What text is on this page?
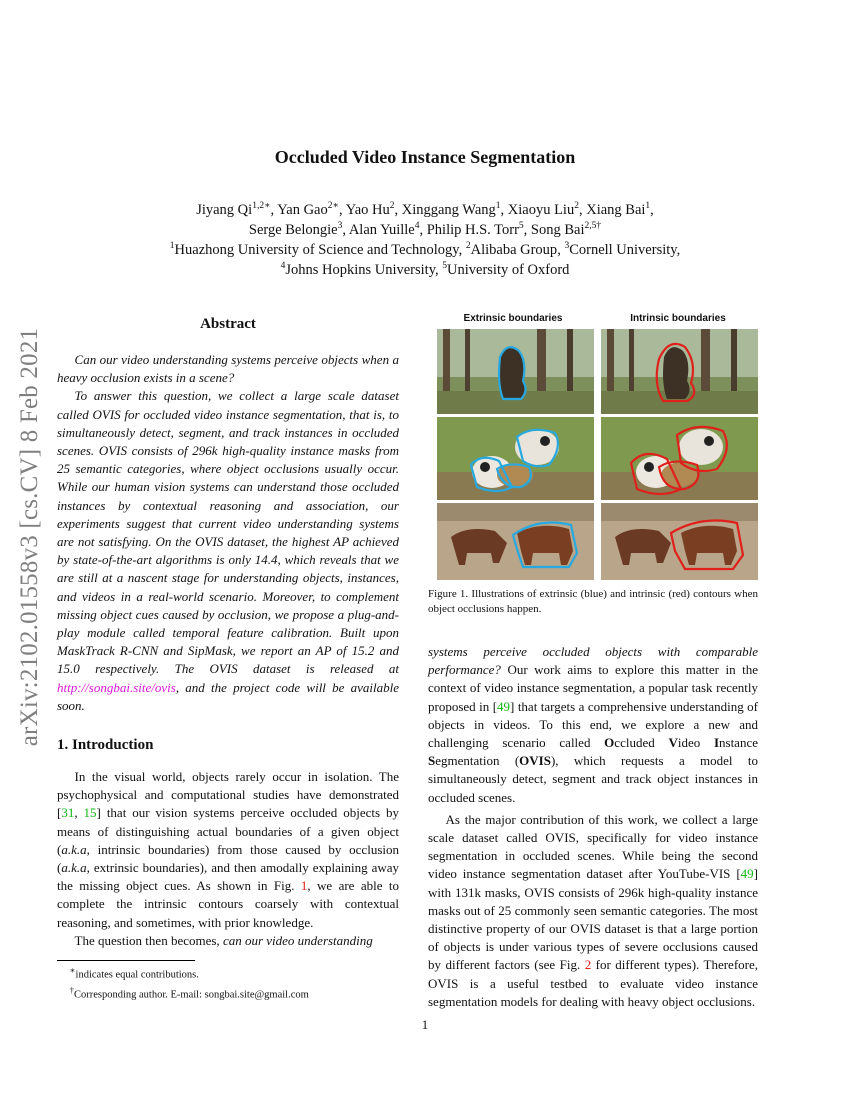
arXiv:2102.01558v3 [cs.CV] 8 Feb 2021
Occluded Video Instance Segmentation
Jiyang $Qi^{1,2∗}$, Yan Gao$^{2∗}$, Yao Hu$^2$, Xinggang Wang$^1$, Xiaoyu Liu$^2$, Xiang Bai$^1$,
Serge Belongie$^3$, Alan Yuille$^4$, Philip H.S. Torr$^5$, Song Bai$^{2,5\dagger}$
$^1$Huazhong University of Science and Technology, $^2$Alibaba Group, $^3$Cornell University,
$^4$Johns Hopkins University, $^5$University of Oxford
Abstract

Can our video understanding systems perceive objects when a heavy occlusion exists in a scene?

To answer this question, we collect a large scale dataset called OVIS for occluded video instance segmentation, that is, to simultaneously detect, segment, and track instances in occluded scenes. OVIS consists of 296k high-quality instance masks from 25 semantic categories, where object occlusions usually occur. While our human vision systems can understand those occluded instances by contextual reasoning and association, our experiments suggest that current video understanding systems are not satisfying. On the OVIS dataset, the highest AP achieved by state-of-the-art algorithms is only 14.4, which reveals that we are still at a nascent stage for understanding objects, instances, and videos in a real-world scenario. Moreover, to complement missing object cues caused by occlusion, we propose a plug-and-play module called temporal feature calibration. Built upon MaskTrack R-CNN and SipMask, we report an AP of 15.2 and 15.0 respectively. The OVIS dataset is released at http://songbai.site/ovis, and the project code will be available soon.

1. Introduction

In the visual world, objects rarely occur in isolation. The psychophysical and computational studies have demonstrated [31, 15] that our vision systems perceive occluded objects by means of distinguishing actual boundaries of a given object (a.k.a, intrinsic boundaries) from those caused by occlusion (a.k.a, extrinsic boundaries), and then amodally explaining away the missing object cues. As shown in Fig. 1, we are able to complete the intrinsic contours coarsely with contextual reasoning, and sometimes, with prior knowledge.

The question then becomes, can our video understanding

∗indicates equal contributions.

†Corresponding author. E-mail: songbai.site@gmail.com

Extrinsic boundaries	Intrinsic boundaries
Figure 1. Illustrations of extrinsic (blue) and intrinsic (red) contours when object occlusions happen.

systems perceive occluded objects with comparable performance? Our work aims to explore this matter in the context of video instance segmentation, a popular task recently proposed in [49] that targets a comprehensive understanding of objects in videos. To this end, we explore a new and challenging scenario called Occluded Video Instance Segmentation (OVIS), which requests a model to simultaneously detect, segment and track object instances in occluded scenes.

As the major contribution of this work, we collect a large scale dataset called OVIS, specifically for video instance segmentation in occluded scenes. While being the second video instance segmentation dataset after YouTube-VIS [49] with 131k masks, OVIS consists of 296k high-quality instance masks out of 25 commonly seen semantic categories. The most distinctive property of our OVIS dataset is that a large portion of objects is under various types of severe occlusions caused by different factors (see Fig. 2 for different types). Therefore, OVIS is a useful testbed to evaluate video instance segmentation models for dealing with heavy object occlusions.

1
